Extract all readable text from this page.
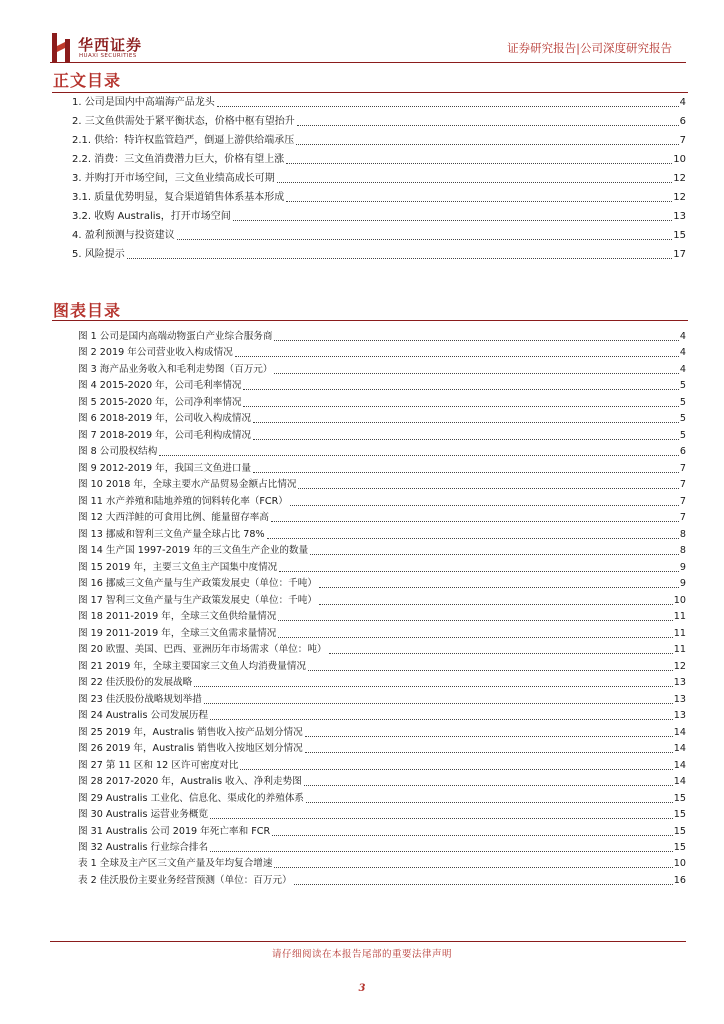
华西证券
HUAXI SECURITIES
证券研究报告|公司深度研究报告
正文目录
1. 公司是国内中高端海产品龙头	4
2. 三文鱼供需处于紧平衡状态，价格中枢有望抬升	6
2.1. 供给：特许权监管趋严，倒逼上游供给端承压	7
2.2. 消费：三文鱼消费潜力巨大，价格有望上涨	10
3. 并购打开市场空间，三文鱼业绩高成长可期	12
3.1. 质量优势明显，复合渠道销售体系基本形成	12
3.2. 收购 Australis，打开市场空间	13
4. 盈利预测与投资建议	15
5. 风险提示	17
图表目录
图 1 公司是国内高端动物蛋白产业综合服务商	4
图 2 2019 年公司营业收入构成情况	4
图 3 海产品业务收入和毛利走势图（百万元）	4
图 4 2015-2020 年，公司毛利率情况	5
图 5 2015-2020 年，公司净利率情况	5
图 6 2018-2019 年，公司收入构成情况	5
图 7 2018-2019 年，公司毛利构成情况	5
图 8 公司股权结构	6
图 9 2012-2019 年，我国三文鱼进口量	7
图 10 2018 年，全球主要水产品贸易金额占比情况	7
图 11 水产养殖和陆地养殖的饲料转化率（FCR）	7
图 12 大西洋鲑的可食用比例、能量留存率高	7
图 13 挪威和智利三文鱼产量全球占比 78%	8
图 14 生产国 1997-2019 年的三文鱼生产企业的数量	8
图 15 2019 年，主要三文鱼主产国集中度情况	9
图 16 挪威三文鱼产量与生产政策发展史（单位：千吨）	9
图 17 智利三文鱼产量与生产政策发展史（单位：千吨）	10
图 18 2011-2019 年，全球三文鱼供给量情况	11
图 19 2011-2019 年，全球三文鱼需求量情况	11
图 20 欧盟、美国、巴西、亚洲历年市场需求（单位：吨）	11
图 21 2019 年，全球主要国家三文鱼人均消费量情况	12
图 22 佳沃股份的发展战略	13
图 23 佳沃股份战略规划举措	13
图 24 Australis 公司发展历程	13
图 25 2019 年，Australis 销售收入按产品划分情况	14
图 26 2019 年，Australis 销售收入按地区划分情况	14
图 27 第 11 区和 12 区许可密度对比	14
图 28 2017-2020 年，Australis 收入、净利走势图	14
图 29 Australis 工业化、信息化、渠成化的养殖体系	15
图 30 Australis 运营业务概览	15
图 31 Australis 公司 2019 年死亡率和 FCR	15
图 32 Australis 行业综合排名	15
表 1 全球及主产区三文鱼产量及年均复合增速	10
表 2 佳沃股份主要业务经营预测（单位：百万元）	16
请仔细阅读在本报告尾部的重要法律声明
3
